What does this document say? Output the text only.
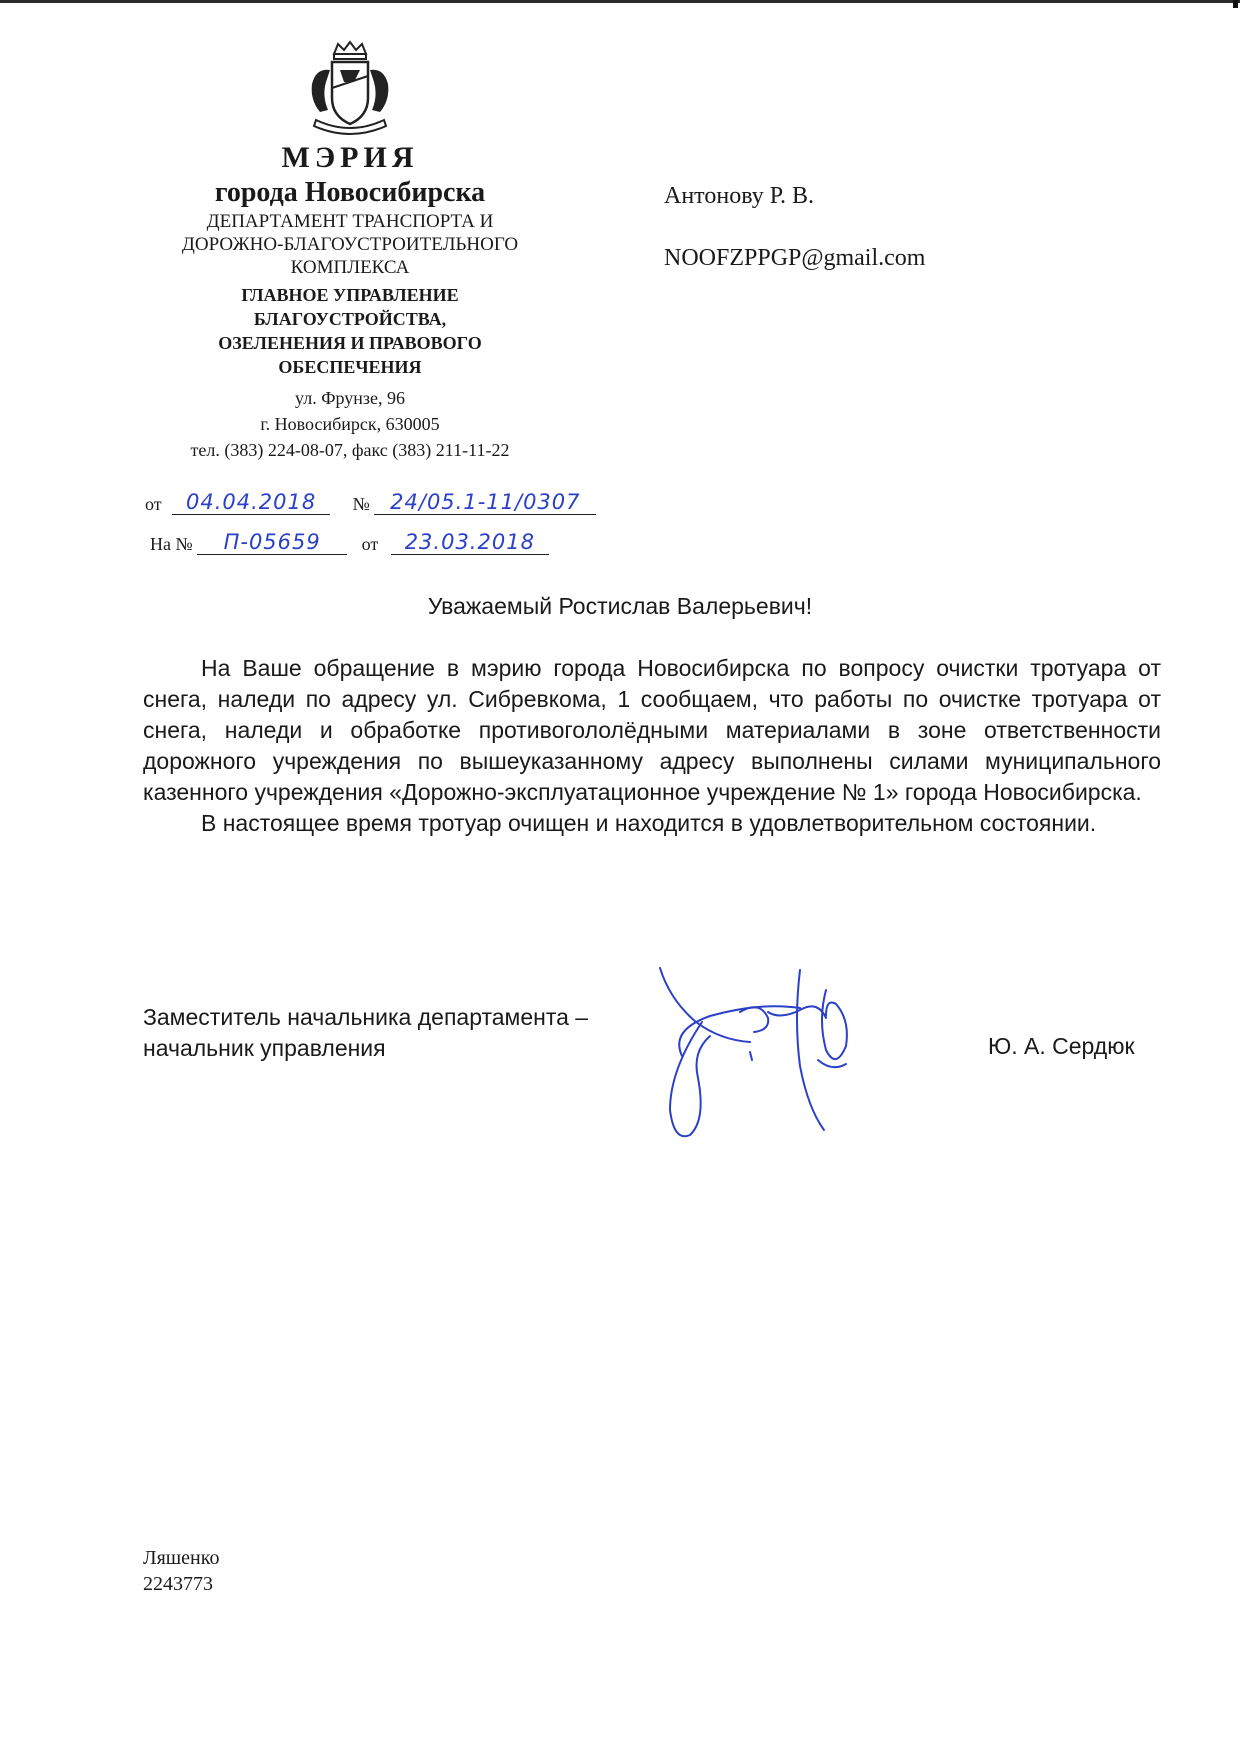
МЭРИЯ
города Новосибирска
ДЕПАРТАМЕНТ ТРАНСПОРТА И
ДОРОЖНО-БЛАГОУСТРОИТЕЛЬНОГО
КОМПЛЕКСА
ГЛАВНОЕ УПРАВЛЕНИЕ
БЛАГОУСТРОЙСТВА,
ОЗЕЛЕНЕНИЯ И ПРАВОВОГО
ОБЕСПЕЧЕНИЯ
ул. Фрунзе, 96
г. Новосибирск, 630005
тел. (383) 224-08-07, факс (383) 211-11-22
от 04.04.2018 № 24/05.1-11/0307
На № П-05659 от 23.03.2018
Антонову Р. В.
NOOFZPPGP@gmail.com
Уважаемый Ростислав Валерьевич!

На Ваше обращение в мэрию города Новосибирска по вопросу очистки тротуара от снега, наледи по адресу ул. Сибревкома, 1 сообщаем, что работы по очистке тротуара от снега, наледи и обработке противогололёдными материалами в зоне ответственности дорожного учреждения по вышеуказанному адресу выполнены силами муниципального казенного учреждения «Дорожно-эксплуатационное учреждение № 1» города Новосибирска.

В настоящее время тротуар очищен и находится в удовлетворительном состоянии.

Заместитель начальника департамента –
начальник управления	Ю. А. Сердюк
Ляшенко
2243773
